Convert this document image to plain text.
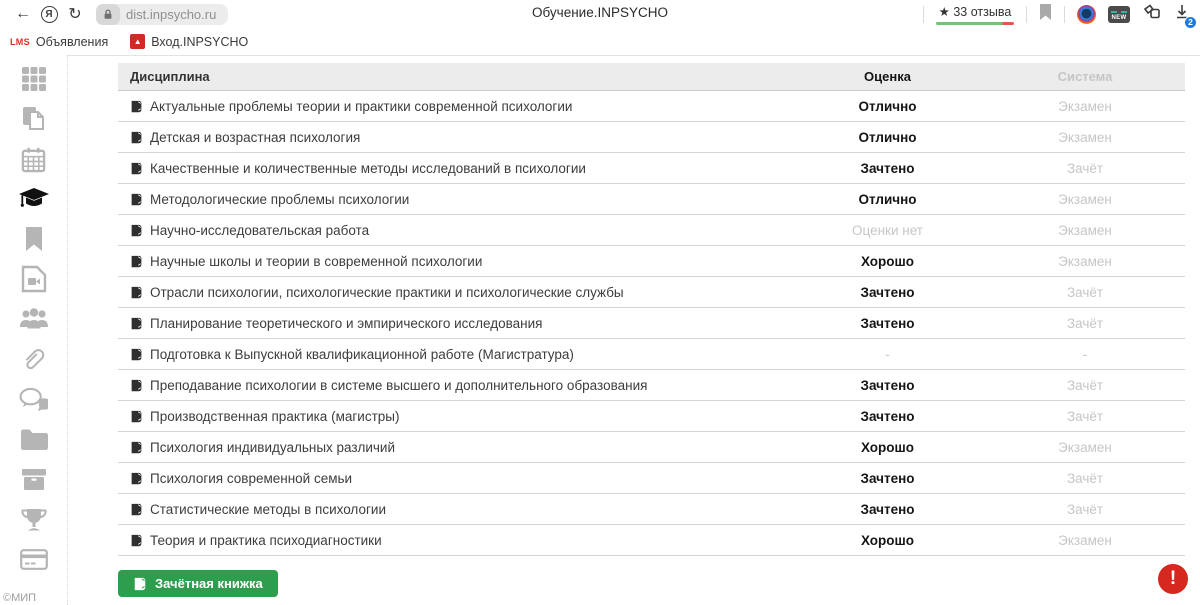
←	Я ↻	dist.inpsycho.ru	Обучение.INPSYCHO	★ 33 отзыва	NEW	2
LMS Объявления	▲ Вход.INPSYCHO
©МИП
Дисциплина	Оценка	Система
Актуальные проблемы теории и практики современной психологии	Отлично	Экзамен
Детская и возрастная психология	Отлично	Экзамен
Качественные и количественные методы исследований в психологии	Зачтено	Зачёт
Методологические проблемы психологии	Отлично	Экзамен
Научно-исследовательская работа	Оценки нет	Экзамен
Научные школы и теории в современной психологии	Хорошо	Экзамен
Отрасли психологии, психологические практики и психологические службы	Зачтено	Зачёт
Планирование теоретического и эмпирического исследования	Зачтено	Зачёт
Подготовка к Выпускной квалификационной работе (Магистратура)	-	-
Преподавание психологии в системе высшего и дополнительного образования	Зачтено	Зачёт
Производственная практика (магистры)	Зачтено	Зачёт
Психология индивидуальных различий	Хорошо	Экзамен
Психология современной семьи	Зачтено	Зачёт
Статистические методы в психологии	Зачтено	Зачёт
Теория и практика психодиагностики	Хорошо	Экзамен
Зачётная книжка	!
